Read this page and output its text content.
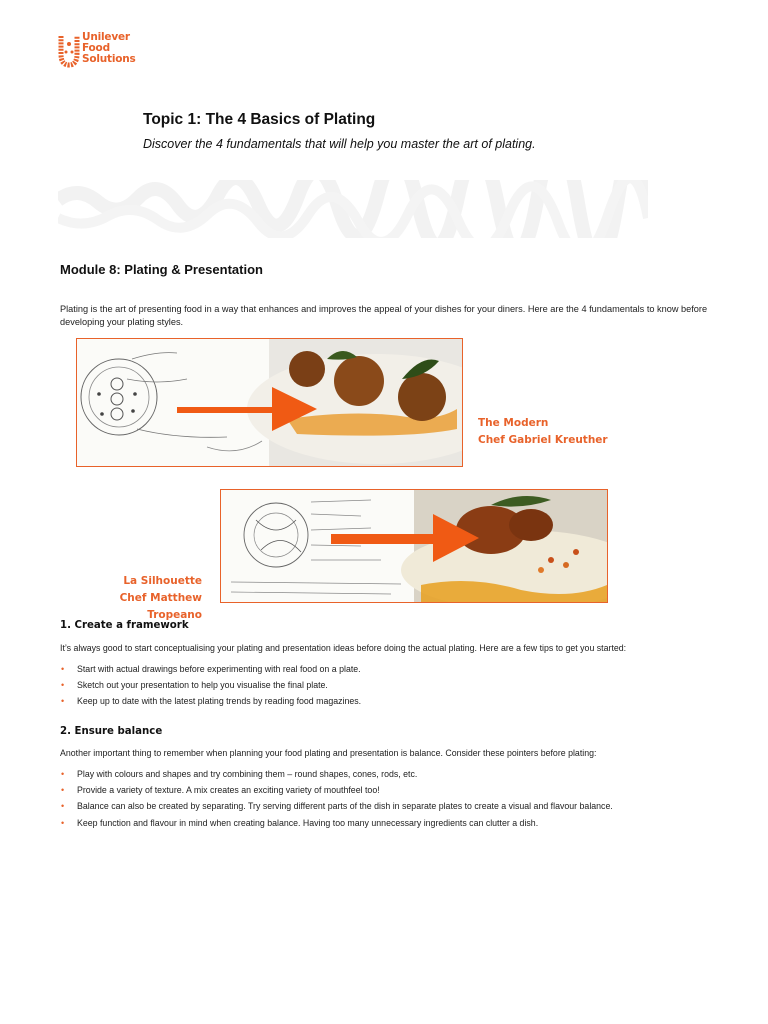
Unilever
Food
Solutions
Topic 1: The 4 Basics of Plating
Discover the 4 fundamentals that will help you master the art of plating.
Module 8: Plating & Presentation
Plating is the art of presenting food in a way that enhances and improves the appeal of your dishes for your diners. Here are the 4 fundamentals to know before developing your plating styles.
The Modern
Chef Gabriel Kreuther
La Silhouette
Chef Matthew Tropeano
1. Create a framework
It’s always good to start conceptualising your plating and presentation ideas before doing the actual plating. Here are a few tips to get you started:
• Start with actual drawings before experimenting with real food on a plate.
• Sketch out your presentation to help you visualise the final plate.
• Keep up to date with the latest plating trends by reading food magazines.
2. Ensure balance
Another important thing to remember when planning your food plating and presentation is balance. Consider these pointers before plating:
• Play with colours and shapes and try combining them – round shapes, cones, rods, etc.
• Provide a variety of texture. A mix creates an exciting variety of mouthfeel too!
• Balance can also be created by separating. Try serving different parts of the dish in separate plates to create a visual and flavour balance.
• Keep function and flavour in mind when creating balance. Having too many unnecessary ingredients can clutter a dish.
